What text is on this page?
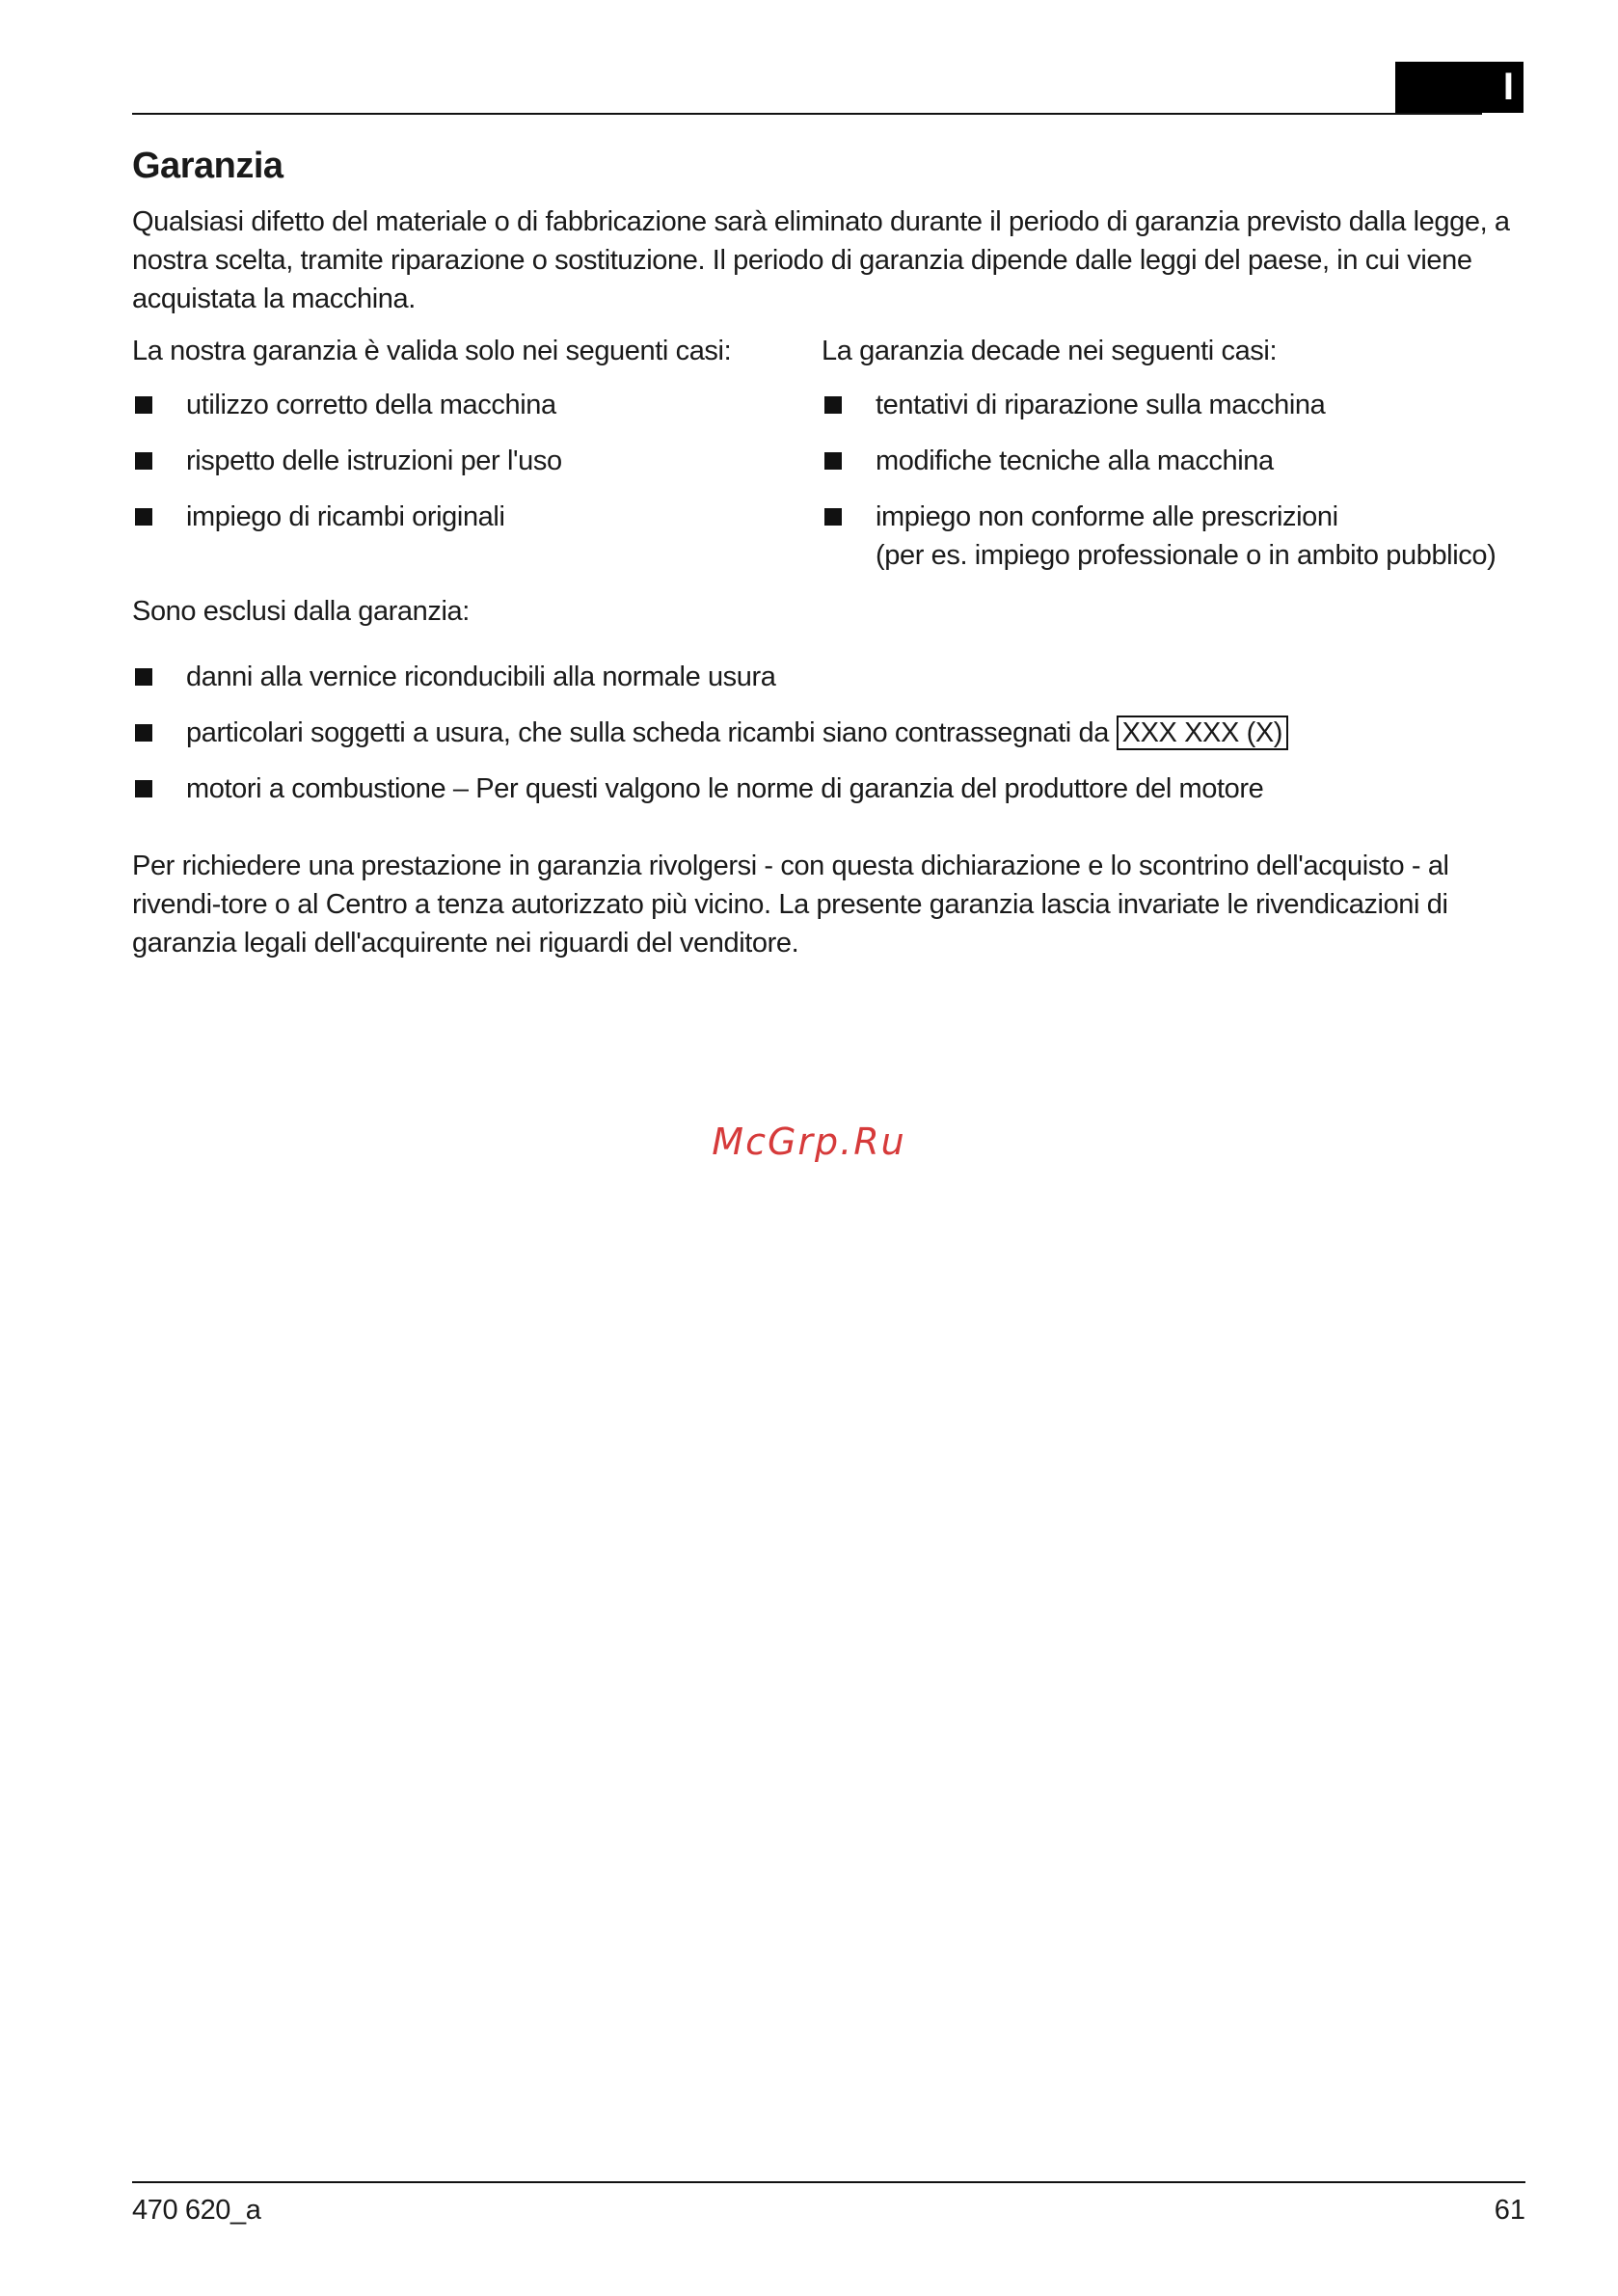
I
Garanzia

Qualsiasi difetto del materiale o di fabbricazione sarà eliminato durante il periodo di garanzia previsto dalla legge, a nostra scelta, tramite riparazione o sostituzione. Il periodo di garanzia dipende dalle leggi del paese, in cui viene acquistata la macchina.

La nostra garanzia è valida solo nei seguenti casi:
utilizzo corretto della macchina
rispetto delle istruzioni per l'uso
impiego di ricambi originali
La garanzia decade nei seguenti casi:
tentativi di riparazione sulla macchina
modifiche tecniche alla macchina
impiego non conforme alle prescrizioni
(per es. impiego professionale o in ambito pubblico)
Sono esclusi dalla garanzia:
danni alla vernice riconducibili alla normale usura
particolari soggetti a usura, che sulla scheda ricambi siano contrassegnati da XXX XXX (X)
motori a combustione – Per questi valgono le norme di garanzia del produttore del motore

Per richiedere una prestazione in garanzia rivolgersi - con questa dichiarazione e lo scontrino dell'acquisto - al rivendi-tore o al Centro a tenza autorizzato più vicino. La presente garanzia lascia invariate le rivendicazioni di garanzia legali dell'acquirente nei riguardi del venditore.

McGrp.Ru
470 620_a	61
